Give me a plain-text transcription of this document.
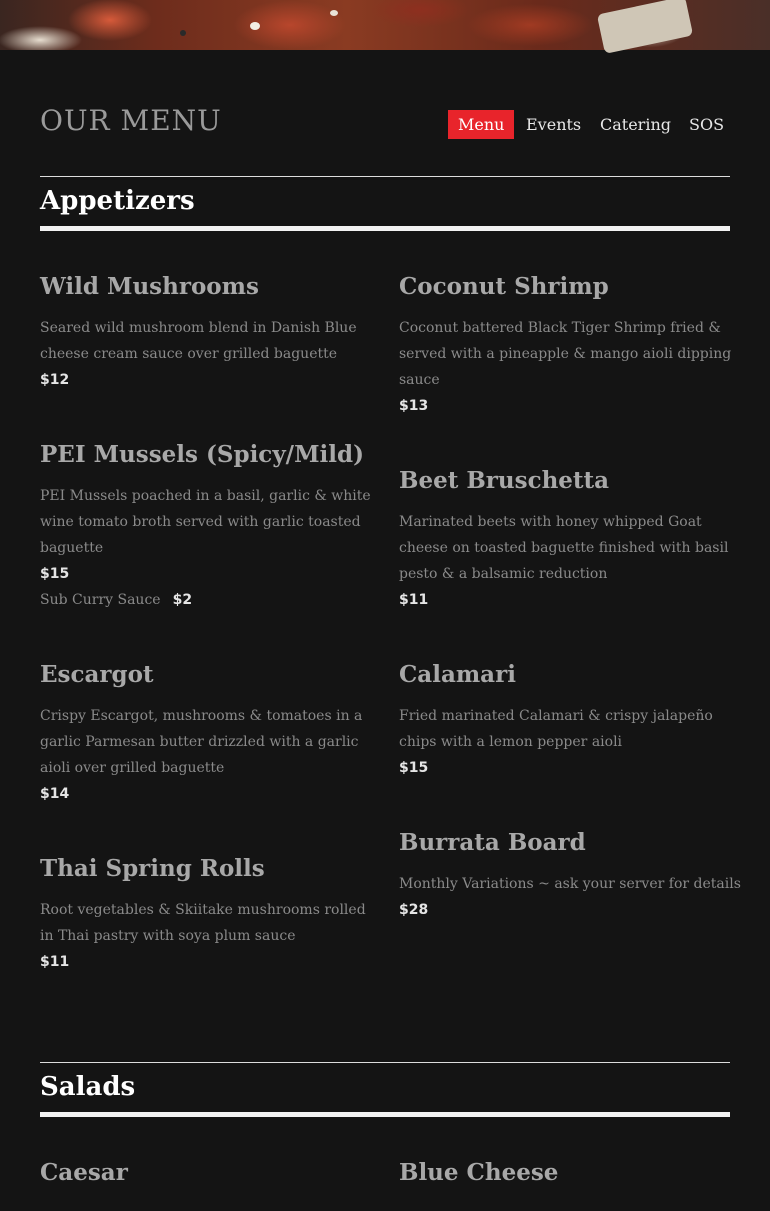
OUR MENU	Menu	Events Catering SOS
Appetizers
Wild Mushrooms

Seared wild mushroom blend in Danish Blue cheese cream sauce over grilled baguette

$12
Coconut Shrimp

Coconut battered Black Tiger Shrimp fried & served with a pineapple & mango aioli dipping sauce

$13
PEI Mussels (Spicy/Mild)

PEI Mussels poached in a basil, garlic & white wine tomato broth served with garlic toasted baguette

$15
Sub Curry Sauce $2
Beet Bruschetta

Marinated beets with honey whipped Goat cheese on toasted baguette finished with basil pesto & a balsamic reduction

$11
Escargot

Crispy Escargot, mushrooms & tomatoes in a garlic Parmesan butter drizzled with a garlic aioli over grilled baguette

$14
Calamari

Fried marinated Calamari & crispy jalapeño chips with a lemon pepper aioli

$15
Thai Spring Rolls

Root vegetables & Skiitake mushrooms rolled in Thai pastry with soya plum sauce

$11
Burrata Board

Monthly Variations ~ ask your server for details

$28
Salads
Caesar	Blue Cheese
